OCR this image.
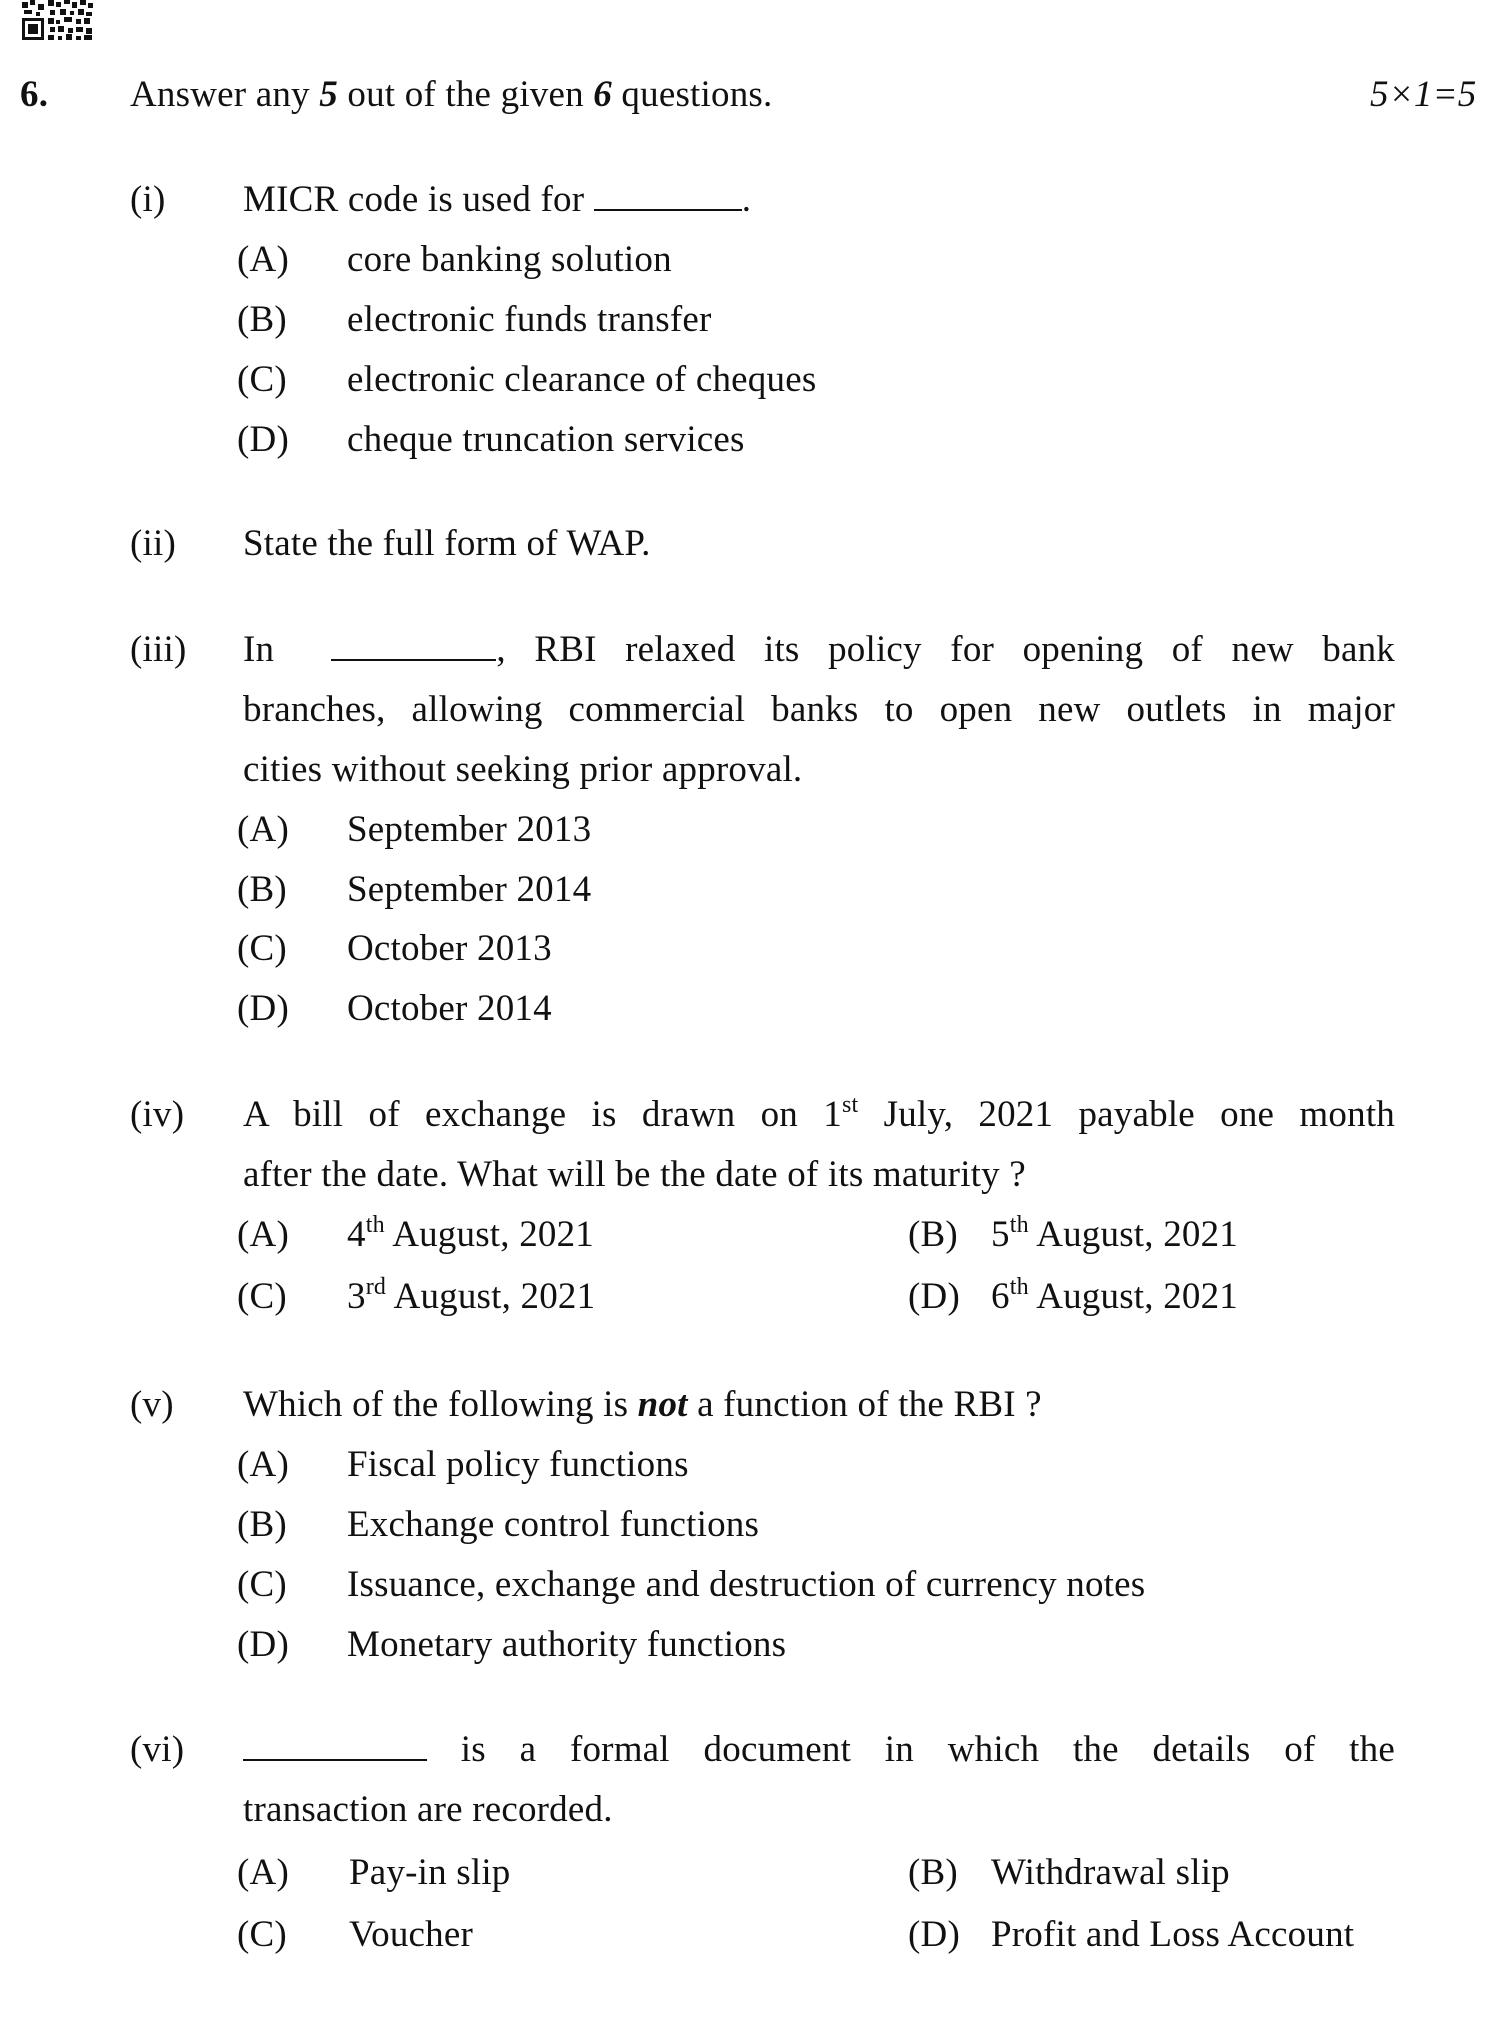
6. Answer any 5 out of the given 6 questions.	5×1=5
(i) MICR code is used for	.
(A) core banking solution
(B) electronic funds transfer
(C) electronic clearance of cheques
(D) cheque truncation services
(ii) State the full form of WAP.
(iii) In	, RBI relaxed its policy for opening of new bank
branches, allowing commercial banks to open new outlets in major
cities without seeking prior approval.
(A) September 2013
(B) September 2014
(C) October 2013
(D) October 2014
(iv) A bill of exchange is drawn on 1st July, 2021 payable one month
after the date. What will be the date of its maturity ?
(A) 4th August, 2021	(B) 5th August, 2021
(C) 3rd August, 2021	(D) 6th August, 2021
(v) Which of the following is not a function of the RBI ?
(A) Fiscal policy functions
(B) Exchange control functions
(C) Issuance, exchange and destruction of currency notes
(D) Monetary authority functions
(vi)	is a formal document in which the details of the
transaction are recorded.
(A) Pay-in slip	(B) Withdrawal slip
(C) Voucher	(D) Profit and Loss Account
